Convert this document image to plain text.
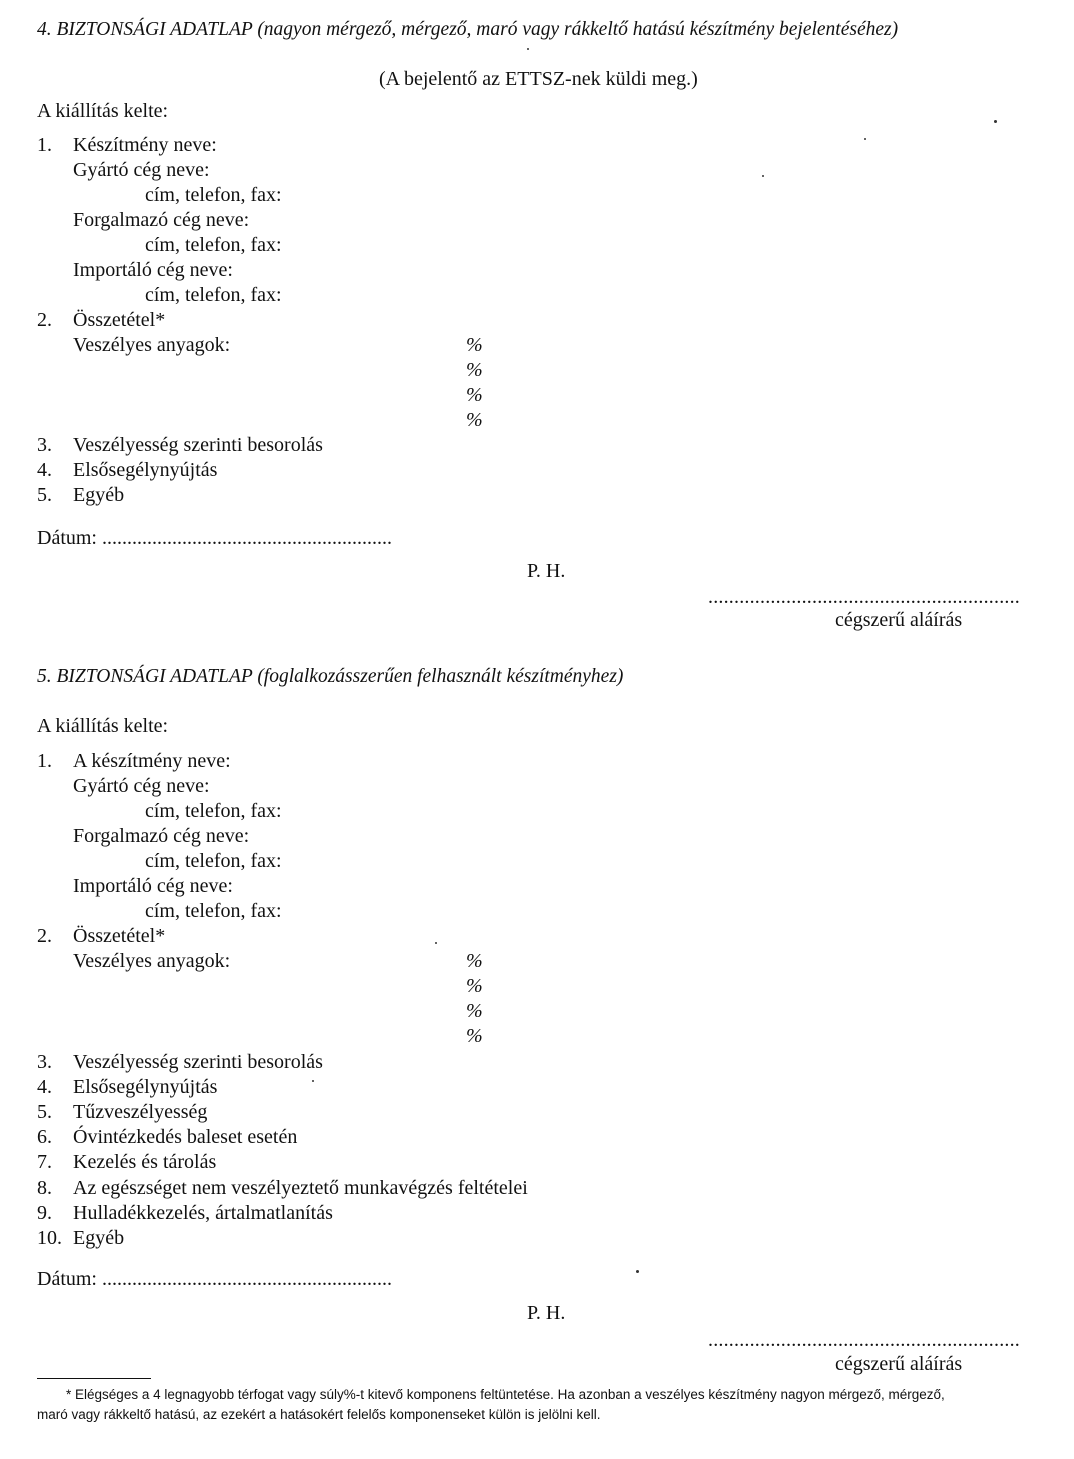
4. BIZTONSÁGI ADATLAP (nagyon mérgező, mérgező, maró vagy rákkeltő hatású készítmény bejelentéséhez)
(A bejelentő az ETTSZ-nek küldi meg.)
A kiállítás kelte:
1. Készítmény neve:
Gyártó cég neve:
cím, telefon, fax:
Forgalmazó cég neve:
cím, telefon, fax:
Importáló cég neve:
cím, telefon, fax:
2. Összetétel*
Veszélyes anyagok:	%
%
%
%
3. Veszélyesség szerinti besorolás
4. Elsősegélynyújtás
5. Egyéb
Dátum: ..........................................................
P. H.
............................................................
cégszerű aláírás
5. BIZTONSÁGI ADATLAP (foglalkozásszerűen felhasznált készítményhez)
A kiállítás kelte:
1. A készítmény neve:
Gyártó cég neve:
cím, telefon, fax:
Forgalmazó cég neve:
cím, telefon, fax:
Importáló cég neve:
cím, telefon, fax:
2. Összetétel*
Veszélyes anyagok:	%
%
%
%
3. Veszélyesség szerinti besorolás
4. Elsősegélynyújtás
5. Tűzveszélyesség
6. Óvintézkedés baleset esetén
7. Kezelés és tárolás
8. Az egészséget nem veszélyeztető munkavégzés feltételei
9. Hulladékkezelés, ártalmatlanítás
10. Egyéb
Dátum: ..........................................................
P. H.
............................................................
cégszerű aláírás
* Elégséges a 4 legnagyobb térfogat vagy súly%-t kitevő komponens feltüntetése. Ha azonban a veszélyes készítmény nagyon mérgező, mérgező,
maró vagy rákkeltő hatású, az ezekért a hatásokért felelős komponenseket külön is jelölni kell.
